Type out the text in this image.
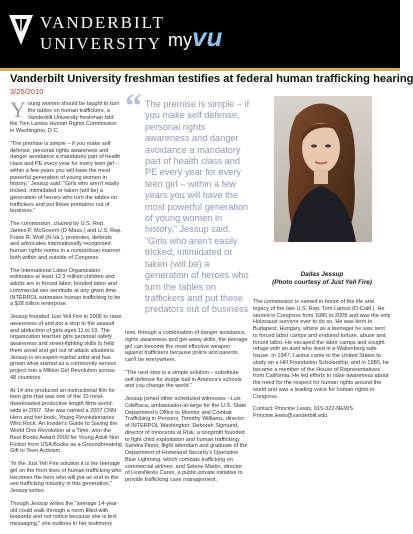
VANDERBILT
UNIVERSITY myvu
Vanderbilt University freshman testifies at federal human trafficking hearing
3/25/2010

Young women should be taught to turn the tables on human traffickers, a Vanderbilt University freshman told the Tom Lantos Human Rights Commission in Washington, D.C.

“The premise is simple – if you make self defense, personal rights awareness and danger avoidance a mandatory part of health class and PE every year for every teen girl – within a few years you will have the most powerful generation of young women in history,” Jessup said. “Girls who aren't easily tricked, intimidated or taken (will be) a generation of heroes who turn the tables on traffickers and put these predators out of business.”

The commission, chaired by U.S. Rep. James P. McGovern (D-Mass.) and U.S. Rep. Frank R. Wolf (R-Va.), promotes, defends and advocates internationally recognized human rights norms in a nonpartisan manner both within and outside of Congress.

The International Labor Organization estimates at least 12.3 million children and adults are in forced labor, bonded labor and commercial sex servitude at any given time. INTERPOL estimates human trafficking to be a $28 billion enterprise.

Jessup founded Just Yell Fire in 2006 to raise awareness of and put a stop to the assault and abduction of girls ages 11 to 19. The organization teaches girls personal safety awareness and street-fighting skills to help them avoid and get out of attack situations. Jessup is an expert martial artist and has grown what started as a community service project into a Million Girl Revolution across 48 countries.

At 14 she produced an instructional film for teen girls that was one of the 10 most-downloaded productive length films world-wide in 2007. She was named a 2007 CNN Hero and her book, Young Revolutionaries Who Rock: An Insider's Guide to Saving the World One Revolution at a Time, won the Best Books Award 2009 for Young Adult Non Fiction from USA Books as a Groundbreaking Gift to Teen Activism.

“In the Just Yell Fire solution it is the teenage girl on the front lines of human trafficking who becomes the hero who will put an end to the sex trafficking industry in this generation,” Jessup writes.

Though Jessup writes the “average 14-year-old could walk through a room filled with leopards and not notice because she is text messaging,” she outlines in her testimony

“ The premise is simple – if you make self defense, personal rights awareness and danger avoidance a mandatory part of health class and PE every year for every teen girl – within a few years you will have the most powerful generation of young women in history,” Jessup said. “Girls who aren't easily tricked, intimidated or taken (will be) a generation of heroes who turn the tables on traffickers and put these predators out of business

how, through a combination of danger avoidance, rights awareness and get-away skills, the teenage girl can become the most effective weapon against traffickers because police and parents can't be everywhere.

“The next step is a simple solution – substitute self defense for dodge ball in America's schools and you change the world.”

Jessup joined other scheduled witnesses –Luis CdeBaca, ambassador-at-large for the U.S. State Department's Office to Monitor and Combat Trafficking in Persons; Timothy Williams, director of INTERPOL Washington; Deborah Sigmund, director of Innocents at Risk, a nonprofit founded to fight child exploitation and human trafficking; Sandra Florio, flight attendant and graduate of the Department of Homeland Security's Operation Blue Lightning, which combats trafficking on commercial airlines; and Selene Martin, director of LexisNexis Cares, a public-private initiative to provide trafficking case management.

Dallas Jessup
(Photo courtesy of Just Yell Fire)

The commission is named in honor of the life and legacy of the late U.S. Rep. Tom Lantos (D-Calif.). He served in Congress from 1980 to 2008 and was the only Holocaust survivor ever to do so. He was born in Budapest, Hungary, where as a teenager he was sent to forced labor camps and endured torture, abuse and forced labor. He escaped the labor camps and sought refuge with an aunt who lived in a Wallenberg safe house. In 1947, Lantos came to the United States to study on a Hill Foundation Scholarship, and in 1980, he became a member of the House of Representatives from California. He led efforts to raise awareness about the need for the respect for human rights around the world and was a leading voice for human rights in Congress.

Contact: Princine Lewis, 615-322-NEWS

Princine.lewis@vanderbilt.edu
